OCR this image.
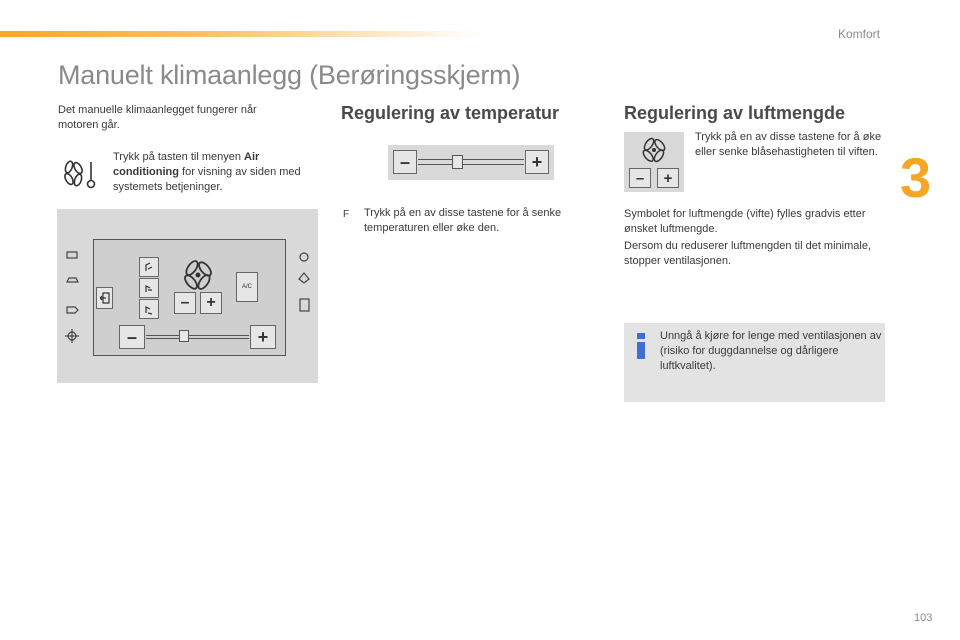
Komfort
3
Manuelt klimaanlegg (Berøringsskjerm)

Det manuelle klimaanlegget fungerer når motoren går.

Trykk på tasten til menyen Air conditioning for visning av siden med systemets betjeninger.

– +
A/C
–	+
Regulering av temperatur
–	+
F Trykk på en av disse tastene for å senke temperaturen eller øke den.

Regulering av luftmengde
– +

Trykk på en av disse tastene for å øke eller senke blåsehastigheten til viften.

Symbolet for luftmengde (vifte) fylles gradvis etter ønsket luftmengde.

Dersom du reduserer luftmengden til det minimale, stopper ventilasjonen.

Unngå å kjøre for lenge med ventilasjonen av (risiko for duggdannelse og dårligere luftkvalitet).

103
